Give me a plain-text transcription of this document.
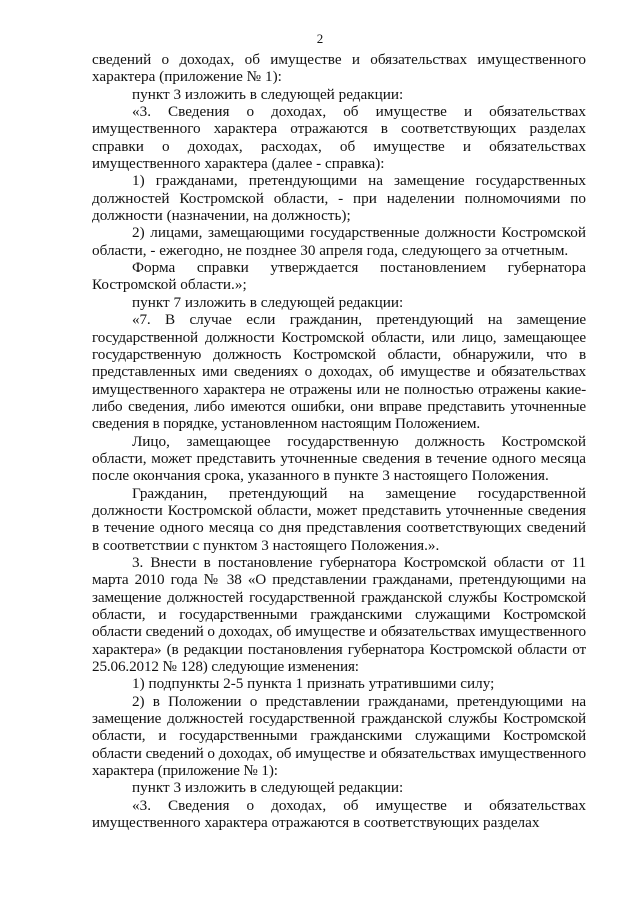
2

сведений о доходах, об имуществе и обязательствах имущественного характера (приложение № 1):

пункт 3 изложить в следующей редакции:

«3. Сведения о доходах, об имуществе и обязательствах имущественного характера отражаются в соответствующих разделах справки о доходах, расходах, об имуществе и обязательствах имущественного характера (далее - справка):

1) гражданами, претендующими на замещение государственных должностей Костромской области, - при наделении полномочиями по должности (назначении, на должность);

2) лицами, замещающими государственные должности Костромской области, - ежегодно, не позднее 30 апреля года, следующего за отчетным.

Форма справки утверждается постановлением губернатора Костромской области.»;

пункт 7 изложить в следующей редакции:

«7. В случае если гражданин, претендующий на замещение государственной должности Костромской области, или лицо, замещающее государственную должность Костромской области, обнаружили, что в представленных ими сведениях о доходах, об имуществе и обязательствах имущественного характера не отражены или не полностью отражены какие-либо сведения, либо имеются ошибки, они вправе представить уточненные сведения в порядке, установленном настоящим Положением.

Лицо, замещающее государственную должность Костромской области, может представить уточненные сведения в течение одного месяца после окончания срока, указанного в пункте 3 настоящего Положения.

Гражданин, претендующий на замещение государственной должности Костромской области, может представить уточненные сведения в течение одного месяца со дня представления соответствующих сведений в соответствии с пунктом 3 настоящего Положения.».

3. Внести в постановление губернатора Костромской области от 11 марта 2010 года № 38 «О представлении гражданами, претендующими на замещение должностей государственной гражданской службы Костромской области, и государственными гражданскими служащими Костромской области сведений о доходах, об имуществе и обязательствах имущественного характера» (в редакции постановления губернатора Костромской области от 25.06.2012 № 128) следующие изменения:

1) подпункты 2-5 пункта 1 признать утратившими силу;

2) в Положении о представлении гражданами, претендующими на замещение должностей государственной гражданской службы Костромской области, и государственными гражданскими служащими Костромской области сведений о доходах, об имуществе и обязательствах имущественного характера (приложение № 1):

пункт 3 изложить в следующей редакции:

«3. Сведения о доходах, об имуществе и обязательствах имущественного характера отражаются в соответствующих разделах
